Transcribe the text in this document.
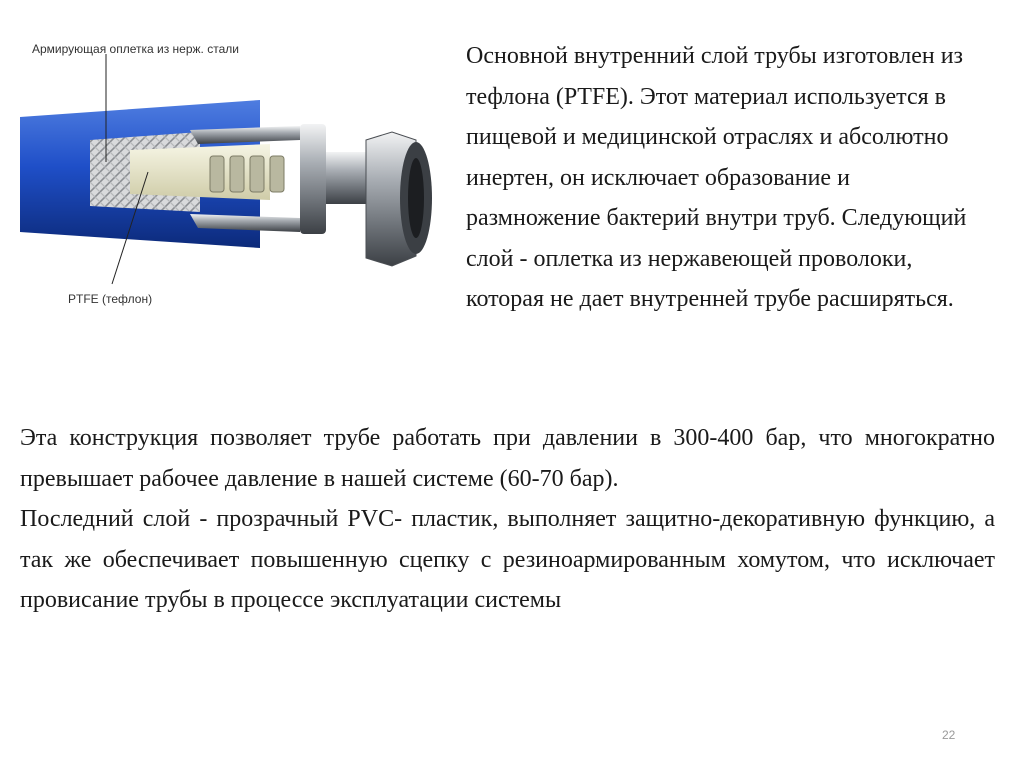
Армирующая оплетка из нерж. стали
PTFE (тефлон)

Основной внутренний слой трубы изготовлен из тефлона (PTFE). Этот материал используется в пищевой и медицинской отраслях и абсолютно инертен, он исключает образование и размножение бактерий внутри труб. Следующий слой - оплетка из нержавеющей проволоки, которая не дает внутренней трубе расширяться.

Эта конструкция позволяет трубе работать при давлении в 300-400 бар, что многократно превышает рабочее давление в нашей системе (60-70 бар).

Последний слой - прозрачный PVC- пластик, выполняет защитно-декоративную функцию, а так же обеспечивает повышенную сцепку с резиноармированным хомутом, что исключает провисание трубы в процессе эксплуатации системы

22
